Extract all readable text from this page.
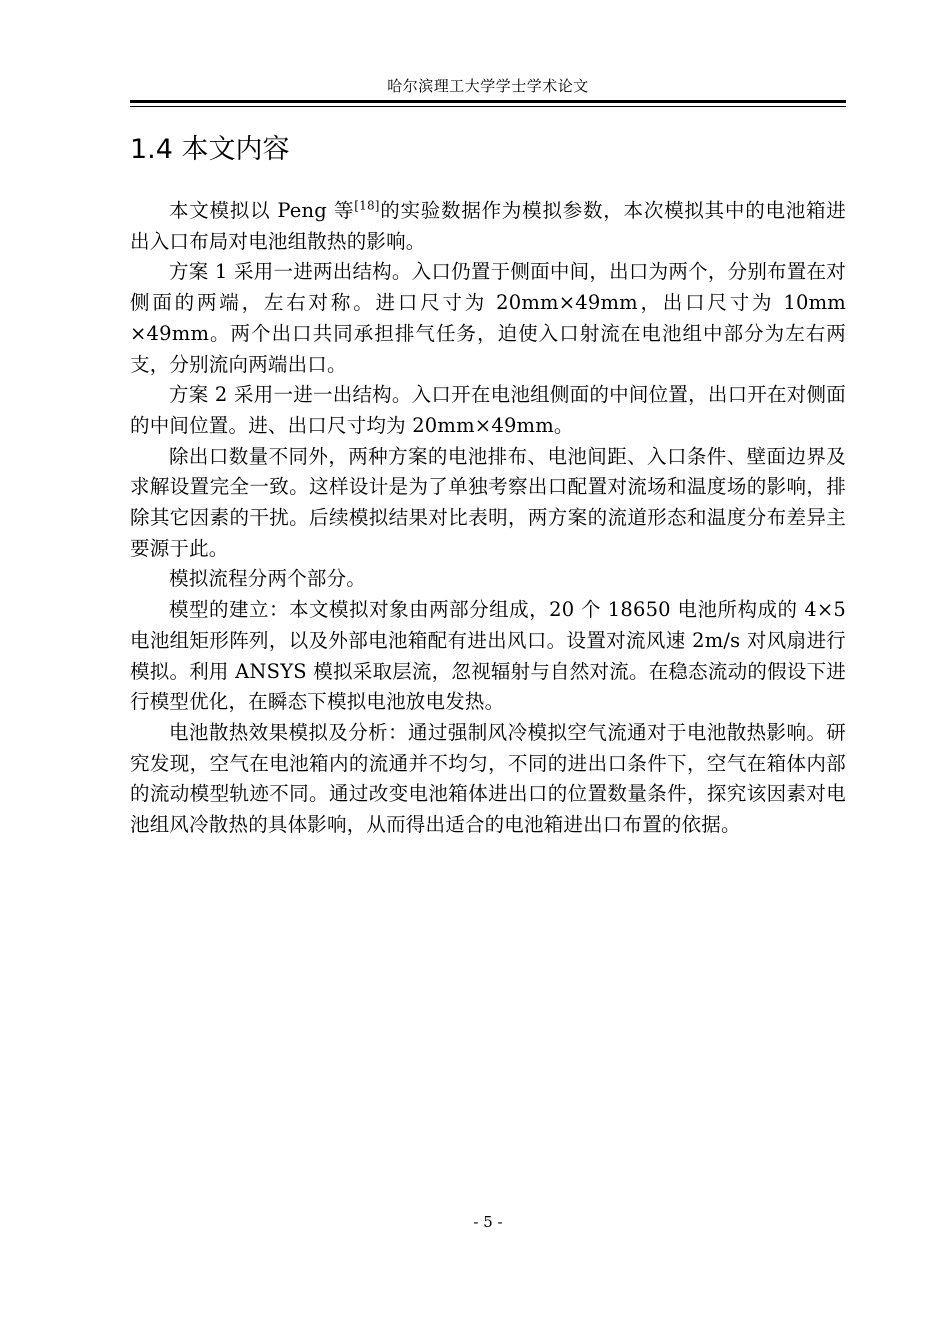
哈尔滨理工大学学士学术论文
1.4 本文内容

本文模拟以 Peng 等[18]的实验数据作为模拟参数，本次模拟其中的电池箱进出入口布局对电池组散热的影响。

方案 1 采用一进两出结构。入口仍置于侧面中间，出口为两个，分别布置在对侧面的两端，左右对称。进口尺寸为 20mm×49mm，出口尺寸为 10mm ×49mm。两个出口共同承担排气任务，迫使入口射流在电池组中部分为左右两支，分别流向两端出口。

方案 2 采用一进一出结构。入口开在电池组侧面的中间位置，出口开在对侧面的中间位置。进、出口尺寸均为 20mm×49mm。

除出口数量不同外，两种方案的电池排布、电池间距、入口条件、壁面边界及求解设置完全一致。这样设计是为了单独考察出口配置对流场和温度场的影响，排除其它因素的干扰。后续模拟结果对比表明，两方案的流道形态和温度分布差异主要源于此。

模拟流程分两个部分。

模型的建立：本文模拟对象由两部分组成，20 个 18650 电池所构成的 4×5 电池组矩形阵列，以及外部电池箱配有进出风口。设置对流风速 2m/s 对风扇进行模拟。利用 ANSYS 模拟采取层流，忽视辐射与自然对流。在稳态流动的假设下进行模型优化，在瞬态下模拟电池放电发热。

电池散热效果模拟及分析：通过强制风冷模拟空气流通对于电池散热影响。研究发现，空气在电池箱内的流通并不均匀，不同的进出口条件下，空气在箱体内部的流动模型轨迹不同。通过改变电池箱体进出口的位置数量条件，探究该因素对电池组风冷散热的具体影响，从而得出适合的电池箱进出口布置的依据。

- 5 -
